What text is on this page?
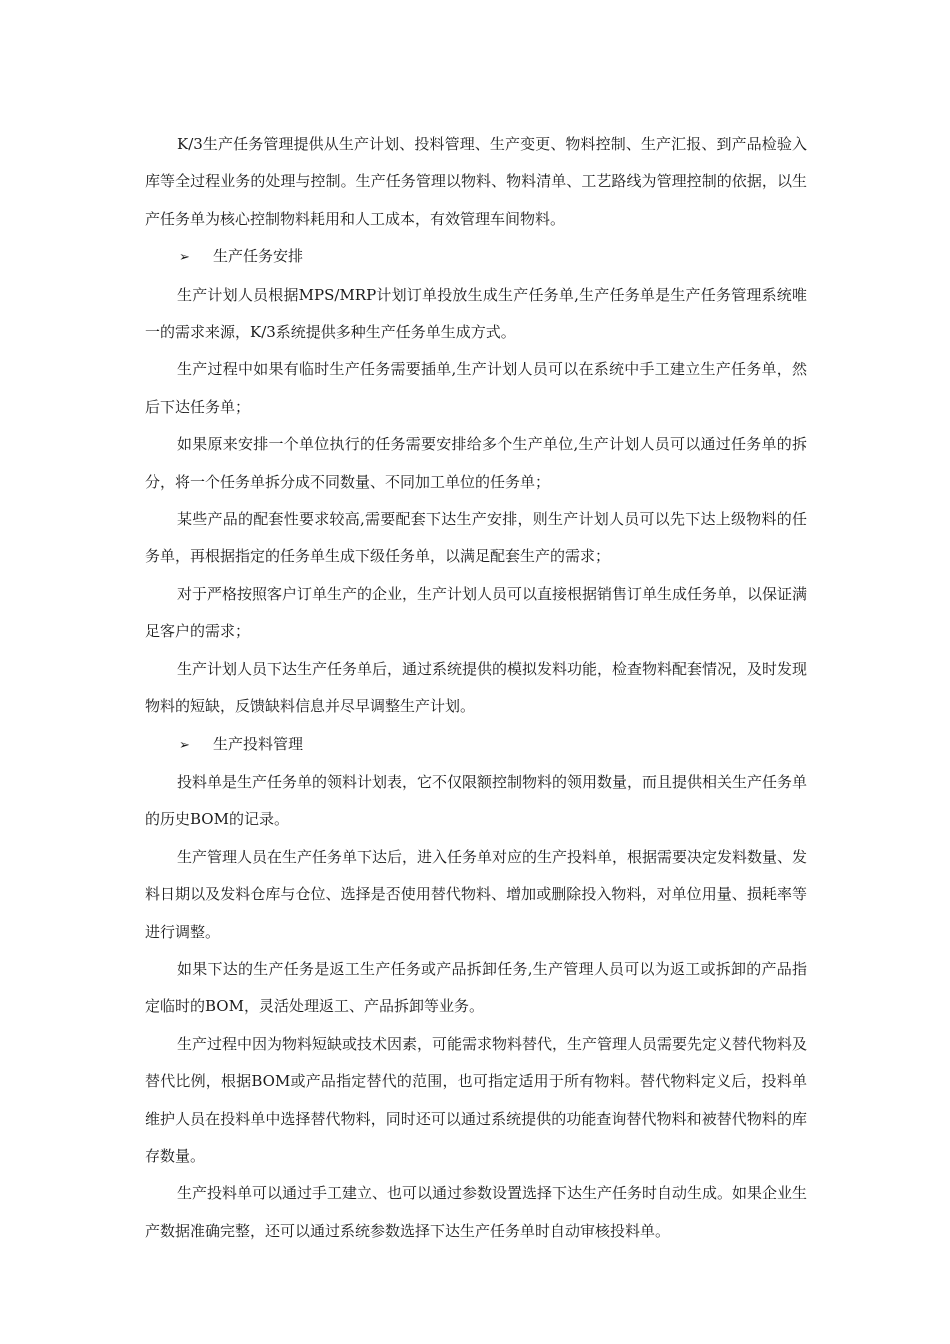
K/3生产任务管理提供从生产计划、投料管理、生产变更、物料控制、生产汇报、到产品检验入库等全过程业务的处理与控制。生产任务管理以物料、物料清单、工艺路线为管理控制的依据，以生产任务单为核心控制物料耗用和人工成本，有效管理车间物料。

➢ 生产任务安排

生产计划人员根据MPS/MRP计划订单投放生成生产任务单,生产任务单是生产任务管理系统唯一的需求来源，K/3系统提供多种生产任务单生成方式。

生产过程中如果有临时生产任务需要插单,生产计划人员可以在系统中手工建立生产任务单，然后下达任务单；

如果原来安排一个单位执行的任务需要安排给多个生产单位,生产计划人员可以通过任务单的拆分，将一个任务单拆分成不同数量、不同加工单位的任务单；

某些产品的配套性要求较高,需要配套下达生产安排，则生产计划人员可以先下达上级物料的任务单，再根据指定的任务单生成下级任务单，以满足配套生产的需求；

对于严格按照客户订单生产的企业，生产计划人员可以直接根据销售订单生成任务单，以保证满足客户的需求；

生产计划人员下达生产任务单后，通过系统提供的模拟发料功能，检查物料配套情况，及时发现物料的短缺，反馈缺料信息并尽早调整生产计划。

➢ 生产投料管理

投料单是生产任务单的领料计划表，它不仅限额控制物料的领用数量，而且提供相关生产任务单的历史BOM的记录。

生产管理人员在生产任务单下达后，进入任务单对应的生产投料单，根据需要决定发料数量、发料日期以及发料仓库与仓位、选择是否使用替代物料、增加或删除投入物料，对单位用量、损耗率等进行调整。

如果下达的生产任务是返工生产任务或产品拆卸任务,生产管理人员可以为返工或拆卸的产品指定临时的BOM，灵活处理返工、产品拆卸等业务。

生产过程中因为物料短缺或技术因素，可能需求物料替代，生产管理人员需要先定义替代物料及替代比例，根据BOM或产品指定替代的范围，也可指定适用于所有物料。替代物料定义后，投料单维护人员在投料单中选择替代物料，同时还可以通过系统提供的功能查询替代物料和被替代物料的库存数量。

生产投料单可以通过手工建立、也可以通过参数设置选择下达生产任务时自动生成。如果企业生产数据准确完整，还可以通过系统参数选择下达生产任务单时自动审核投料单。
